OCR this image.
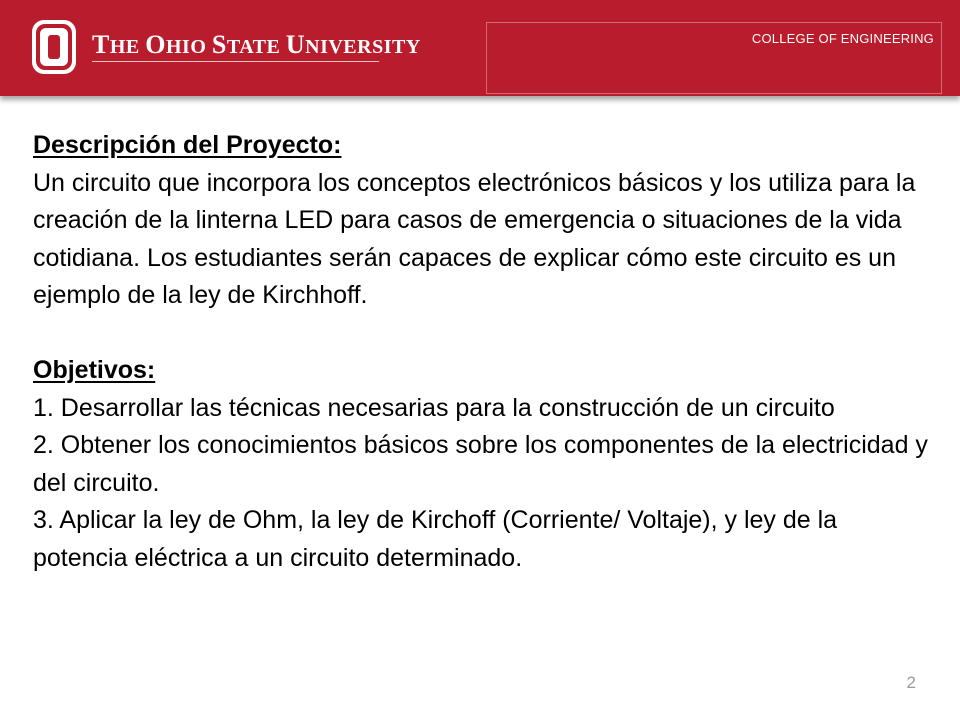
THE OHIO STATE UNIVERSITY	COLLEGE OF ENGINEERING
Descripción del Proyecto:
Un circuito que incorpora los conceptos electrónicos básicos y los utiliza para la creación de la linterna LED para casos de emergencia o situaciones de la vida cotidiana. Los estudiantes serán capaces de explicar cómo este circuito es un ejemplo de la ley de Kirchhoff.
Objetivos:
1. Desarrollar las técnicas necesarias para la construcción de un circuito
2. Obtener los conocimientos básicos sobre los componentes de la electricidad y del circuito.
3. Aplicar la ley de Ohm, la ley de Kirchoff (Corriente/ Voltaje), y ley de la potencia eléctrica a un circuito determinado.
2
